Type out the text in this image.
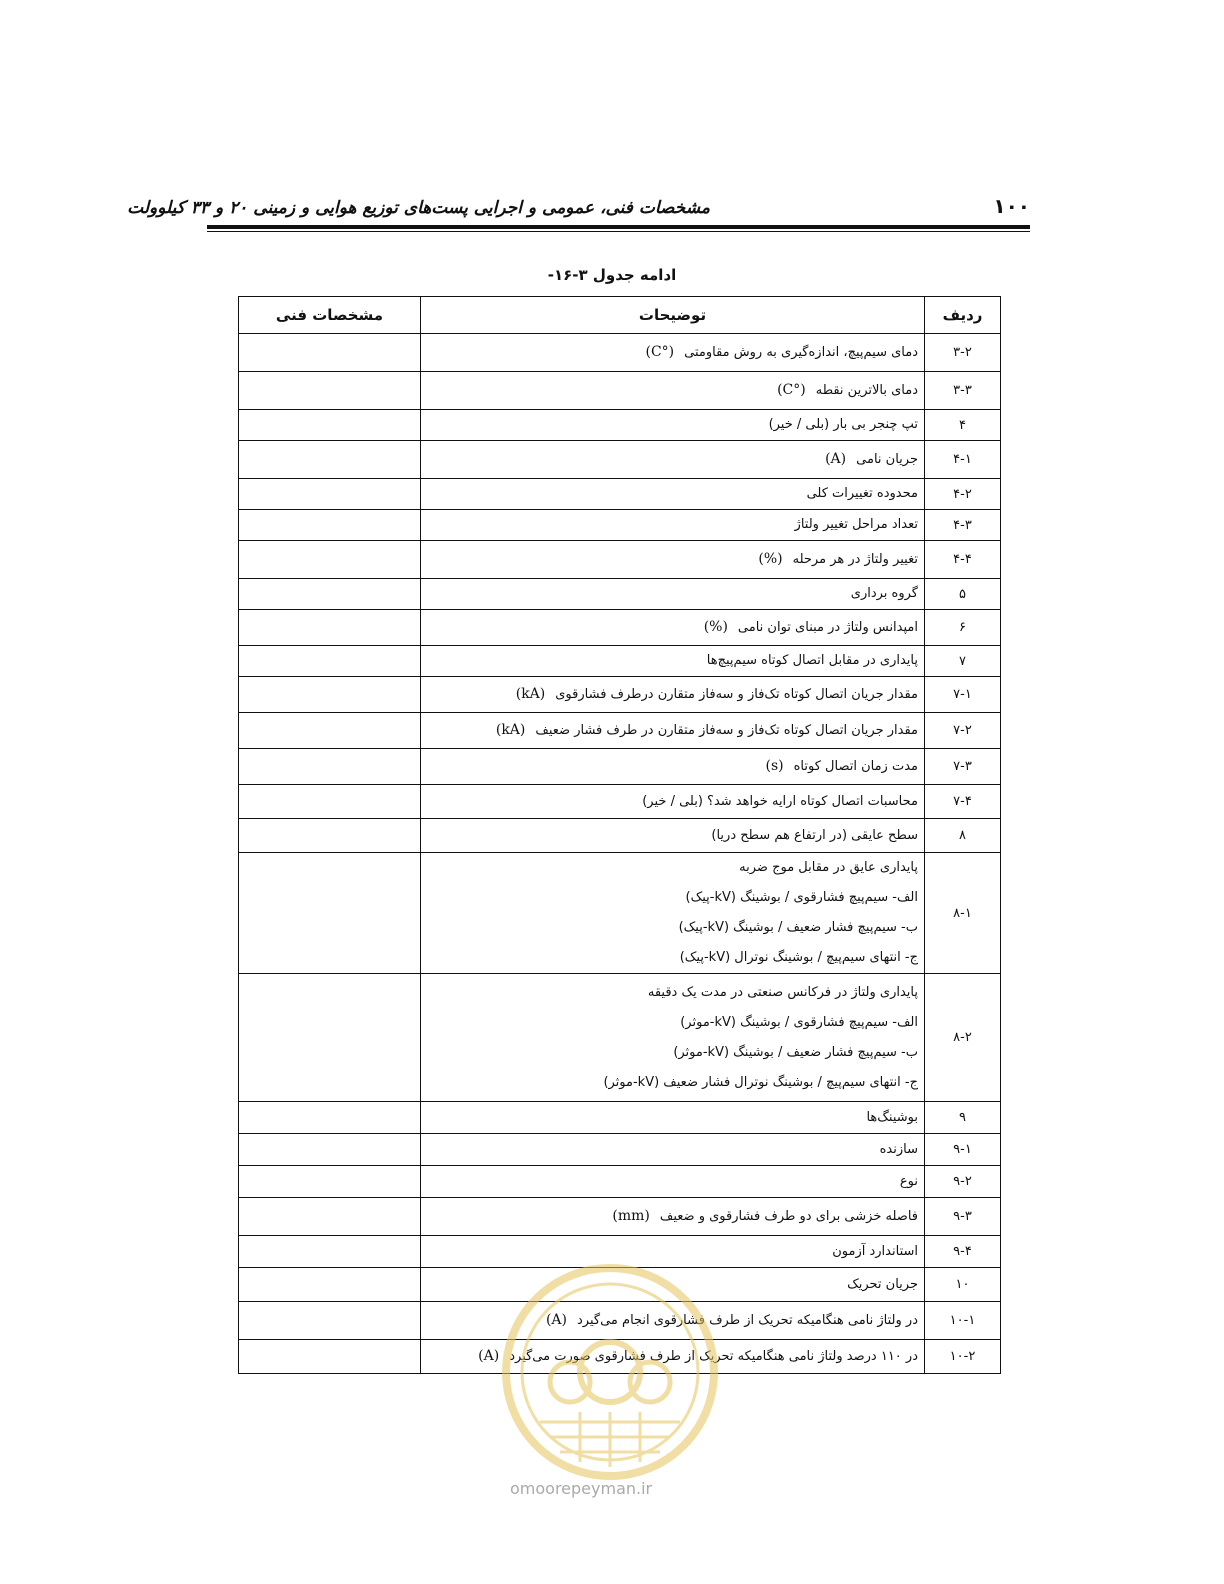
مشخصات فنی، عمومی و اجرایی پست‌های توزیع هوایی و زمینی ۲۰ و ۳۳ کیلوولت	۱۰۰
ادامه جدول ۳-۱۶-
ردیف	توضیحات	مشخصات فنی
۳-۲	دمای سیم‌پیچ، اندازه‌گیری به روش مقاومتی(°C)	

۳-۳	دمای بالاترین نقطه(°C)	

۴	تپ چنجر بی بار (بلی / خیر)	

۴-۱	جریان نامی(A)	

۴-۲	محدوده تغییرات کلی	

۴-۳	تعداد مراحل تغییر ولتاژ	

۴-۴	تغییر ولتاژ در هر مرحله(%)	

۵	گروه برداری	

۶	امپدانس ولتاژ در مبنای توان نامی(%)	

۷	پایداری در مقابل اتصال کوتاه سیم‌پیچ‌ها	

۷-۱	مقدار جریان اتصال کوتاه تک‌فاز و سه‌فاز متقارن درطرف فشارقوی(kA)	

۷-۲	مقدار جریان اتصال کوتاه تک‌فاز و سه‌فاز متقارن در طرف فشار ضعیف(kA)	

۷-۳	مدت زمان اتصال کوتاه(s)	

۷-۴	محاسبات اتصال کوتاه ارایه خواهد شد؟ (بلی / خیر)	

۸	سطح عایقی (در ارتفاع هم سطح دریا)	

۸-۱	پایداری عایق در مقابل موج ضربه
الف- سیم‌پیچ فشارقوی / بوشینگ (kV-پیک)
ب- سیم‌پیچ فشار ضعیف / بوشینگ (kV-پیک)
ج- انتهای سیم‌پیچ / بوشینگ نوترال (kV-پیک)	

۸-۲	پایداری ولتاژ در فرکانس صنعتی در مدت یک دقیقه
الف- سیم‌پیچ فشارقوی / بوشینگ (kV-موثر)
ب- سیم‌پیچ فشار ضعیف / بوشینگ (kV-موثر)
ج- انتهای سیم‌پیچ / بوشینگ نوترال فشار ضعیف (kV-موثر)	

۹	بوشینگ‌ها	

۹-۱	سازنده	

۹-۲	نوع	

۹-۳	فاصله خزشی برای دو طرف فشارقوی و ضعیف(mm)	

۹-۴	استاندارد آزمون	

۱۰	جریان تحریک	

۱۰-۱	در ولتاژ نامی هنگامیکه تحریک از طرف فشارقوی انجام می‌گیرد(A)	

۱۰-۲	در ۱۱۰ درصد ولتاژ نامی هنگامیکه تحریک از طرف فشارقوی صورت می‌گیرد(A)	

omoorepeyman.ir
